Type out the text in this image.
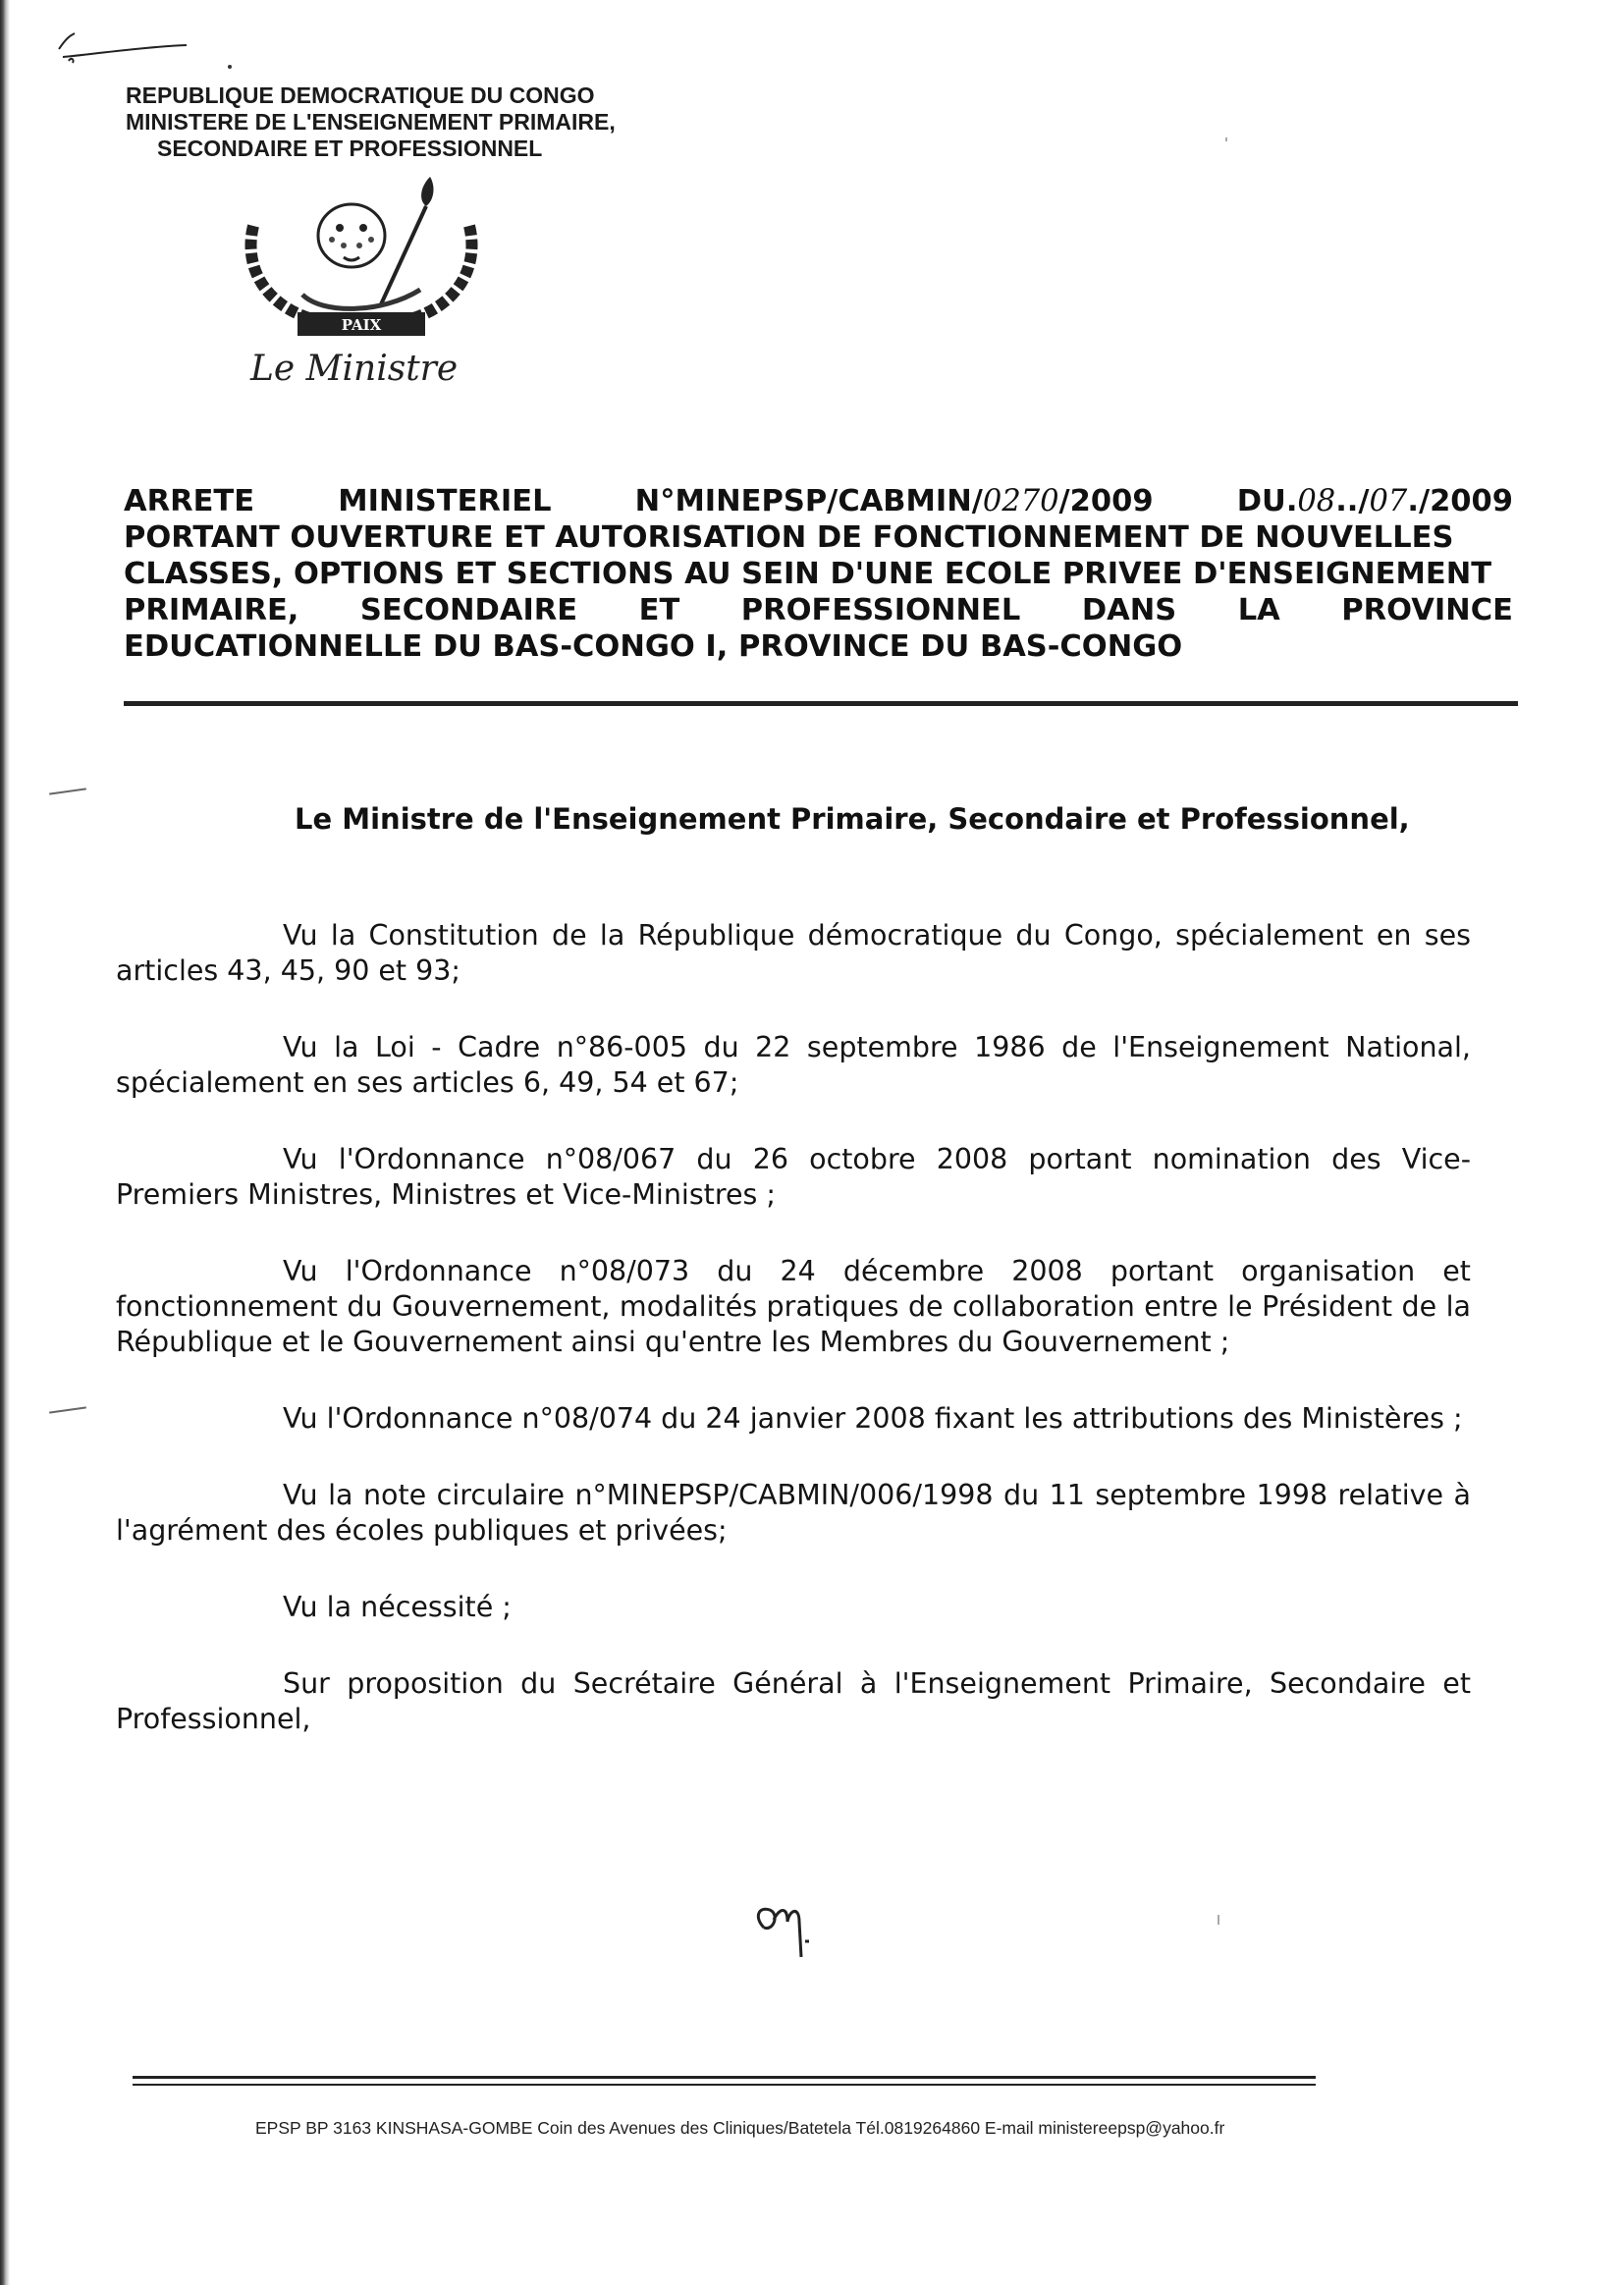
REPUBLIQUE DEMOCRATIQUE DU CONGO
MINISTERE DE L'ENSEIGNEMENT PRIMAIRE,
SECONDAIRE ET PROFESSIONNEL
PAIX
Le Ministre
ARRETE	MINISTERIEL	N°MINEPSP/CABMIN/0270/2009	DU.08../07./2009
PORTANT OUVERTURE ET AUTORISATION DE FONCTIONNEMENT DE NOUVELLES
CLASSES, OPTIONS ET SECTIONS AU SEIN D'UNE ECOLE PRIVEE D'ENSEIGNEMENT
PRIMAIRE, SECONDAIRE ET PROFESSIONNEL DANS LA PROVINCE
EDUCATIONNELLE DU BAS-CONGO I, PROVINCE DU BAS-CONGO
Le Ministre de l'Enseignement Primaire, Secondaire et Professionnel,

Vu la Constitution de la République démocratique du Congo, spécialement en ses articles 43, 45, 90 et 93;

Vu la Loi - Cadre n°86-005 du 22 septembre 1986 de l'Enseignement National, spécialement en ses articles 6, 49, 54 et 67;

Vu l'Ordonnance n°08/067 du 26 octobre 2008 portant nomination des Vice-Premiers Ministres, Ministres et Vice-Ministres ;

Vu l'Ordonnance n°08/073 du 24 décembre 2008 portant organisation et fonctionnement du Gouvernement, modalités pratiques de collaboration entre le Président de la République et le Gouvernement ainsi qu'entre les Membres du Gouvernement ;

Vu l'Ordonnance n°08/074 du 24 janvier 2008 fixant les attributions des Ministères ;

Vu la note circulaire n°MINEPSP/CABMIN/006/1998 du 11 septembre 1998 relative à l'agrément des écoles publiques et privées;

Vu la nécessité ;

Sur proposition du Secrétaire Général à l'Enseignement Primaire, Secondaire et Professionnel,

EPSP BP 3163 KINSHASA-GOMBE Coin des Avenues des Cliniques/Batetela Tél.0819264860 E-mail ministereepsp@yahoo.fr
